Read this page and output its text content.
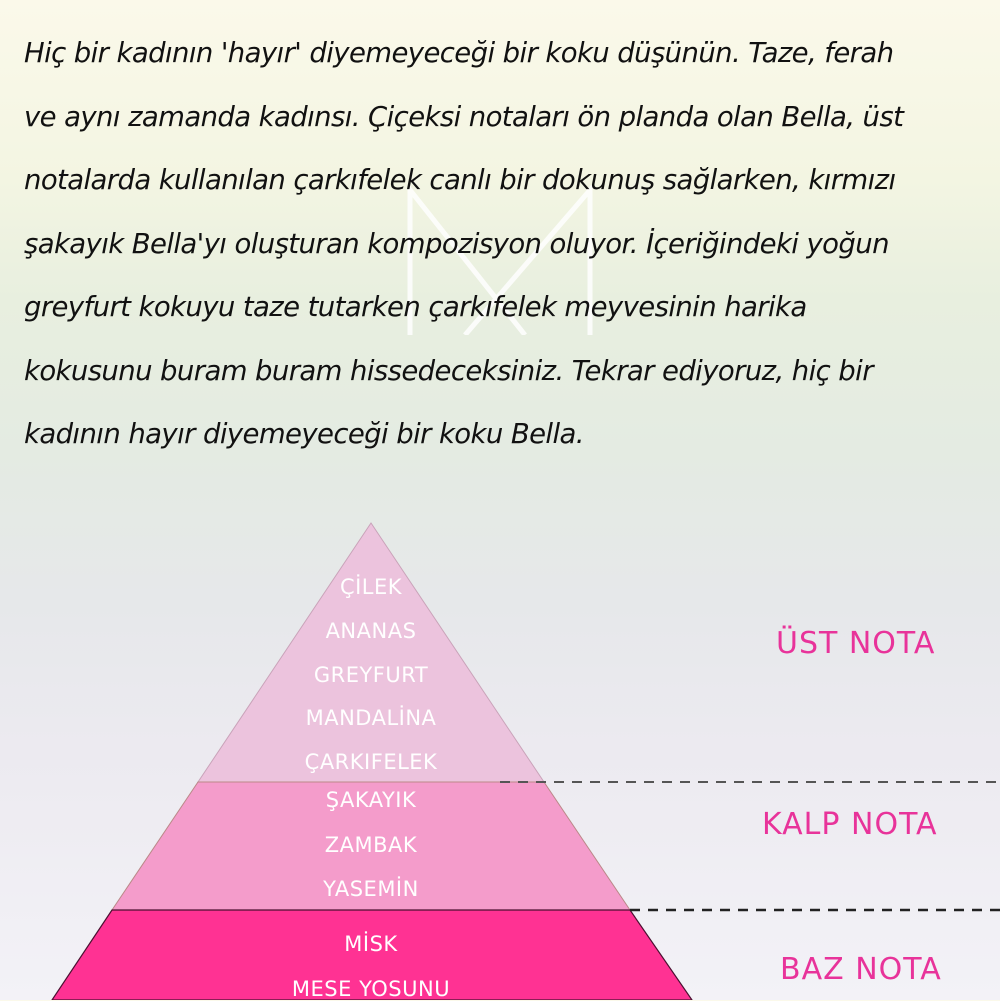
Hiç bir kadının 'hayır' diyemeyeceği bir koku düşünün. Taze, ferah
ve aynı zamanda kadınsı. Çiçeksi notaları ön planda olan Bella, üst
notalarda kullanılan çarkıfelek canlı bir dokunuş sağlarken, kırmızı
şakayık Bella'yı oluşturan kompozisyon oluyor. İçeriğindeki yoğun
greyfurt kokuyu taze tutarken çarkıfelek meyvesinin harika
kokusunu buram buram hissedeceksiniz. Tekrar ediyoruz, hiç bir
kadının hayır diyemeyeceği bir koku Bella.
ÇİLEK
ANANAS
GREYFURT
MANDALİNA
ÇARKIFELEK
ŞAKAYIK
ZAMBAK
YASEMİN
MİSK
MESE YOSUNU
ÜST NOTA
KALP NOTA
BAZ NOTA
